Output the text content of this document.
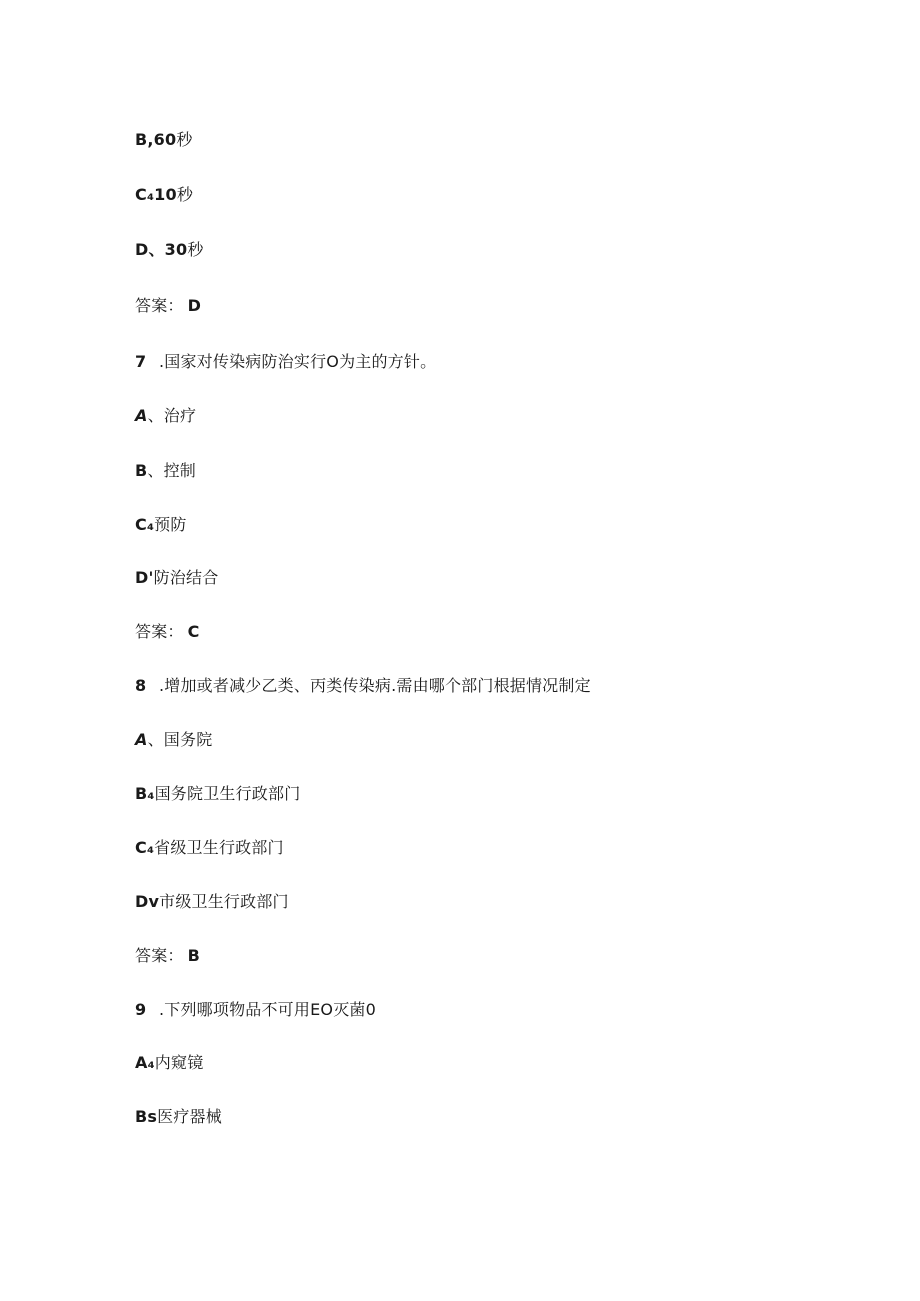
B,60秒
C₄10秒
D、30秒
答案： D
7 .国家对传染病防治实行O为主的方针。
A、治疗
B、控制
C₄预防
D'防治结合
答案： C
8 .增加或者减少乙类、丙类传染病.需由哪个部门根据情况制定
A、国务院
B₄国务院卫生行政部门
C₄省级卫生行政部门
Dv市级卫生行政部门
答案： B
9 .下列哪项物品不可用EO灭菌0
A₄内窥镜
Bs医疗器械
